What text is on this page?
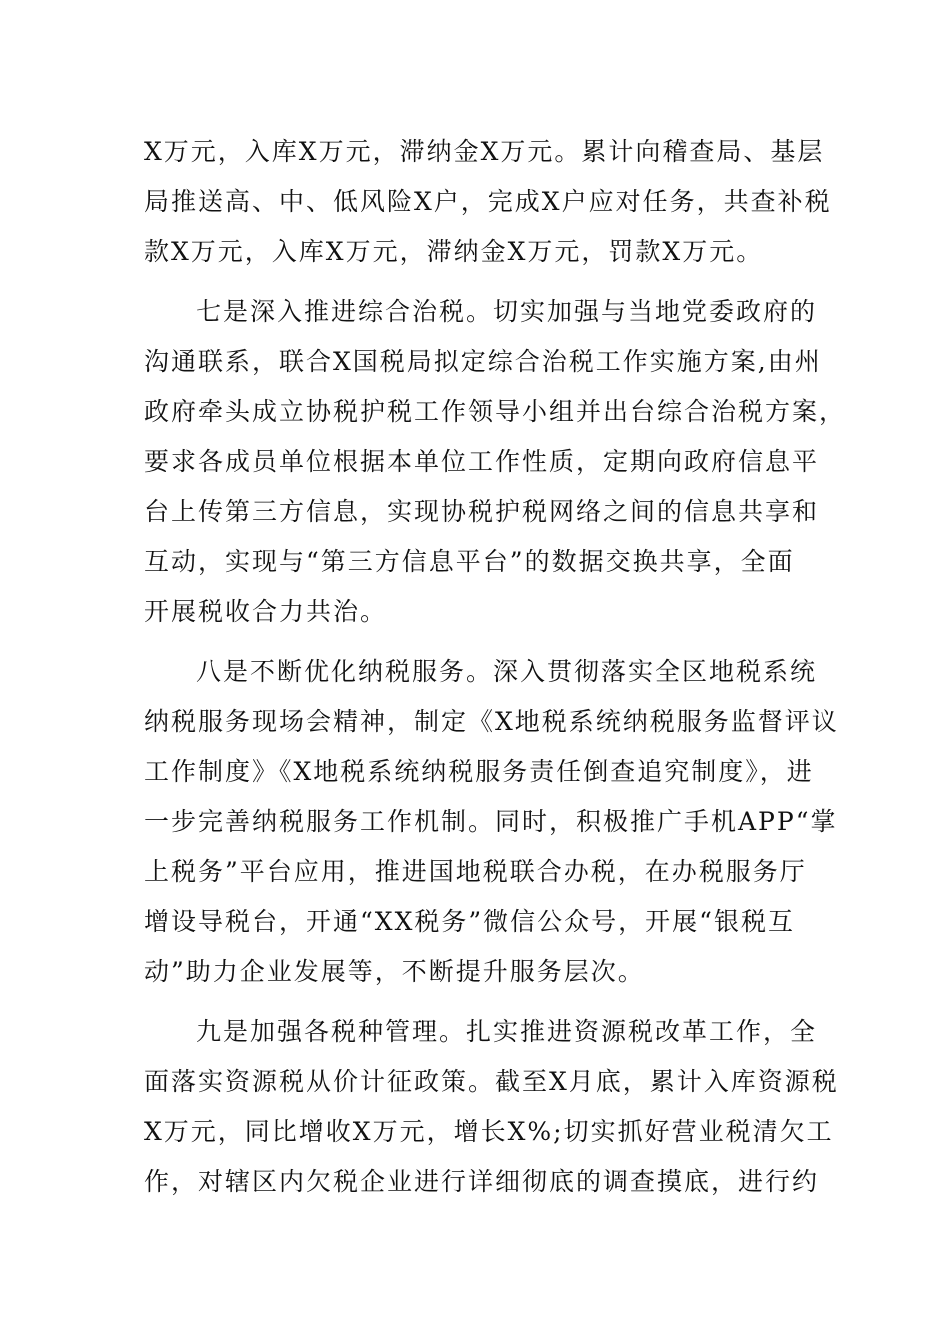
X万元，入库X万元，滞纳金X万元。累计向稽查局、基层
局推送高、中、低风险X户，完成X户应对任务，共查补税
款X万元，入库X万元，滞纳金X万元，罚款X万元。
七是深入推进综合治税。切实加强与当地党委政府的
沟通联系，联合X国税局拟定综合治税工作实施方案,由州
政府牵头成立协税护税工作领导小组并出台综合治税方案，
要求各成员单位根据本单位工作性质，定期向政府信息平
台上传第三方信息，实现协税护税网络之间的信息共享和
互动，实现与“第三方信息平台”的数据交换共享，全面
开展税收合力共治。
八是不断优化纳税服务。深入贯彻落实全区地税系统
纳税服务现场会精神，制定《X地税系统纳税服务监督评议
工作制度》《X地税系统纳税服务责任倒查追究制度》，进
一步完善纳税服务工作机制。同时，积极推广手机APP“掌
上税务”平台应用，推进国地税联合办税，在办税服务厅
增设导税台，开通“XX税务”微信公众号，开展“银税互
动”助力企业发展等，不断提升服务层次。
九是加强各税种管理。扎实推进资源税改革工作，全
面落实资源税从价计征政策。截至X月底，累计入库资源税
X万元，同比增收X万元，增长X%;切实抓好营业税清欠工
作，对辖区内欠税企业进行详细彻底的调查摸底，进行约
